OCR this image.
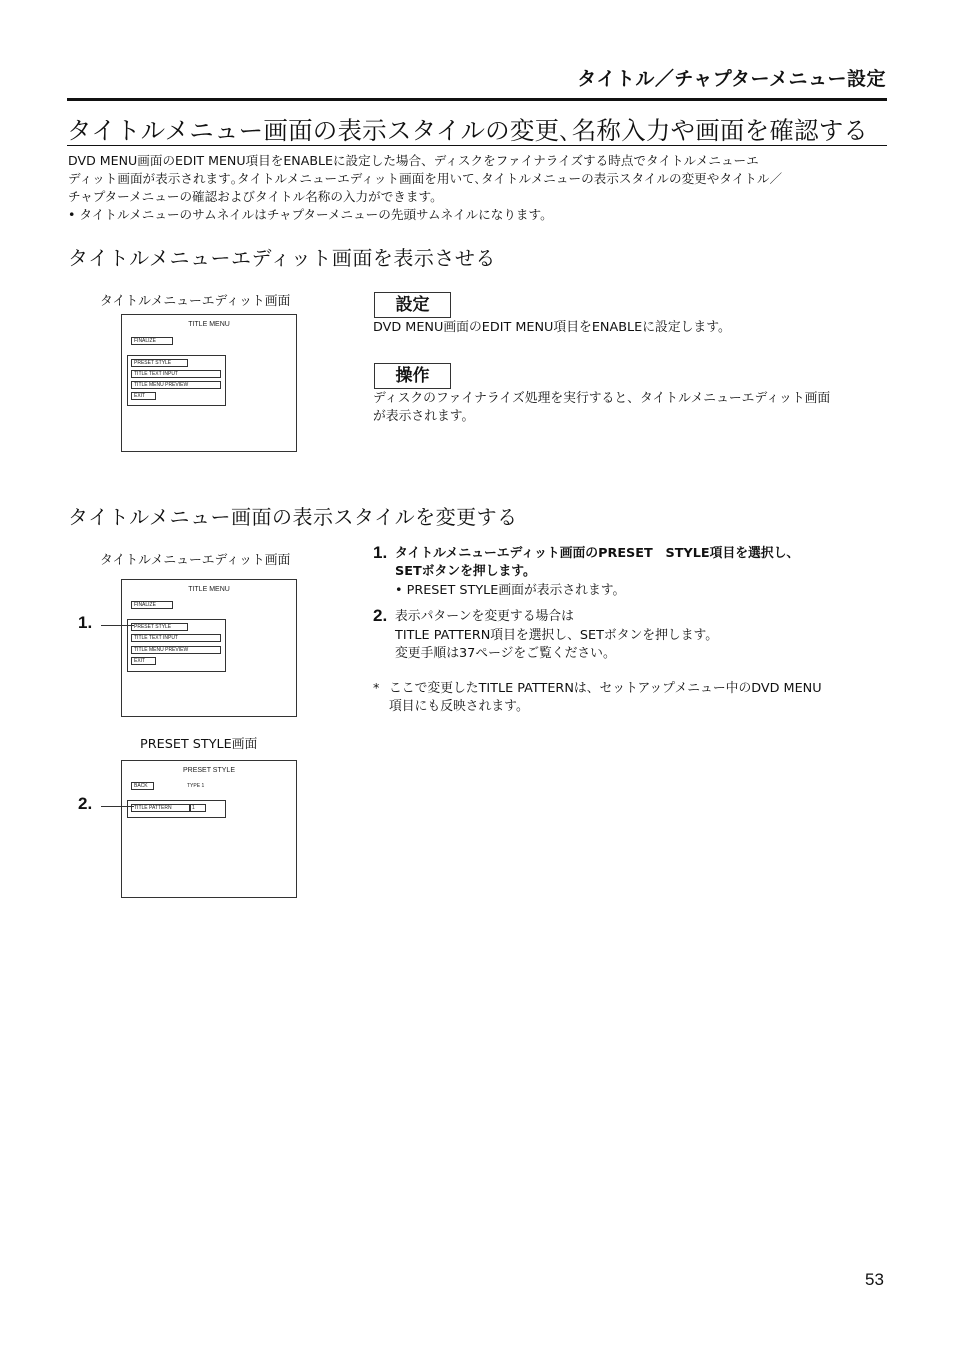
タイトル／チャプターメニュー設定
タイトルメニュー画面の表示スタイルの変更､名称入力や画面を確認する

DVD MENU画面のEDIT MENU項目をENABLEに設定した場合、ディスクをファイナライズする時点でタイトルメニューエ

ディット画面が表示されます｡タイトルメニューエディット画面を用いて､タイトルメニューの表示スタイルの変更やタイトル／

チャプターメニューの確認およびタイトル名称の入力ができます。

• タイトルメニューのサムネイルはチャプターメニューの先頭サムネイルになります。

タイトルメニューエディット画面を表示させる
タイトルメニューエディット画面
TITLE MENU
FINALIZE
PRESET STYLE
TITLE TEXT INPUT
TITLE MENU PREVIEW
EXIT
設定
DVD MENU画面のEDIT MENU項目をENABLEに設定します。
操作
ディスクのファイナライズ処理を実行すると、タイトルメニューエディット画面
が表示されます。
タイトルメニュー画面の表示スタイルを変更する
タイトルメニューエディット画面
TITLE MENU
FINALIZE
PRESET STYLE
TITLE TEXT INPUT
TITLE MENU PREVIEW
EXIT
1.
PRESET STYLE画面
PRESET STYLE
BACK	TYPE 1
TITLE PATTERN	1
2.
1. タイトルメニューエディット画面のPRESET　STYLE項目を選択し、
SETボタンを押します。
• PRESET STYLE画面が表示されます。
2. 表示パターンを変更する場合は
TITLE PATTERN項目を選択し、SETボタンを押します。
変更手順は37ページをご覧ください。
* ここで変更したTITLE PATTERNは、セットアップメニュー中のDVD MENU
項目にも反映されます。
53
